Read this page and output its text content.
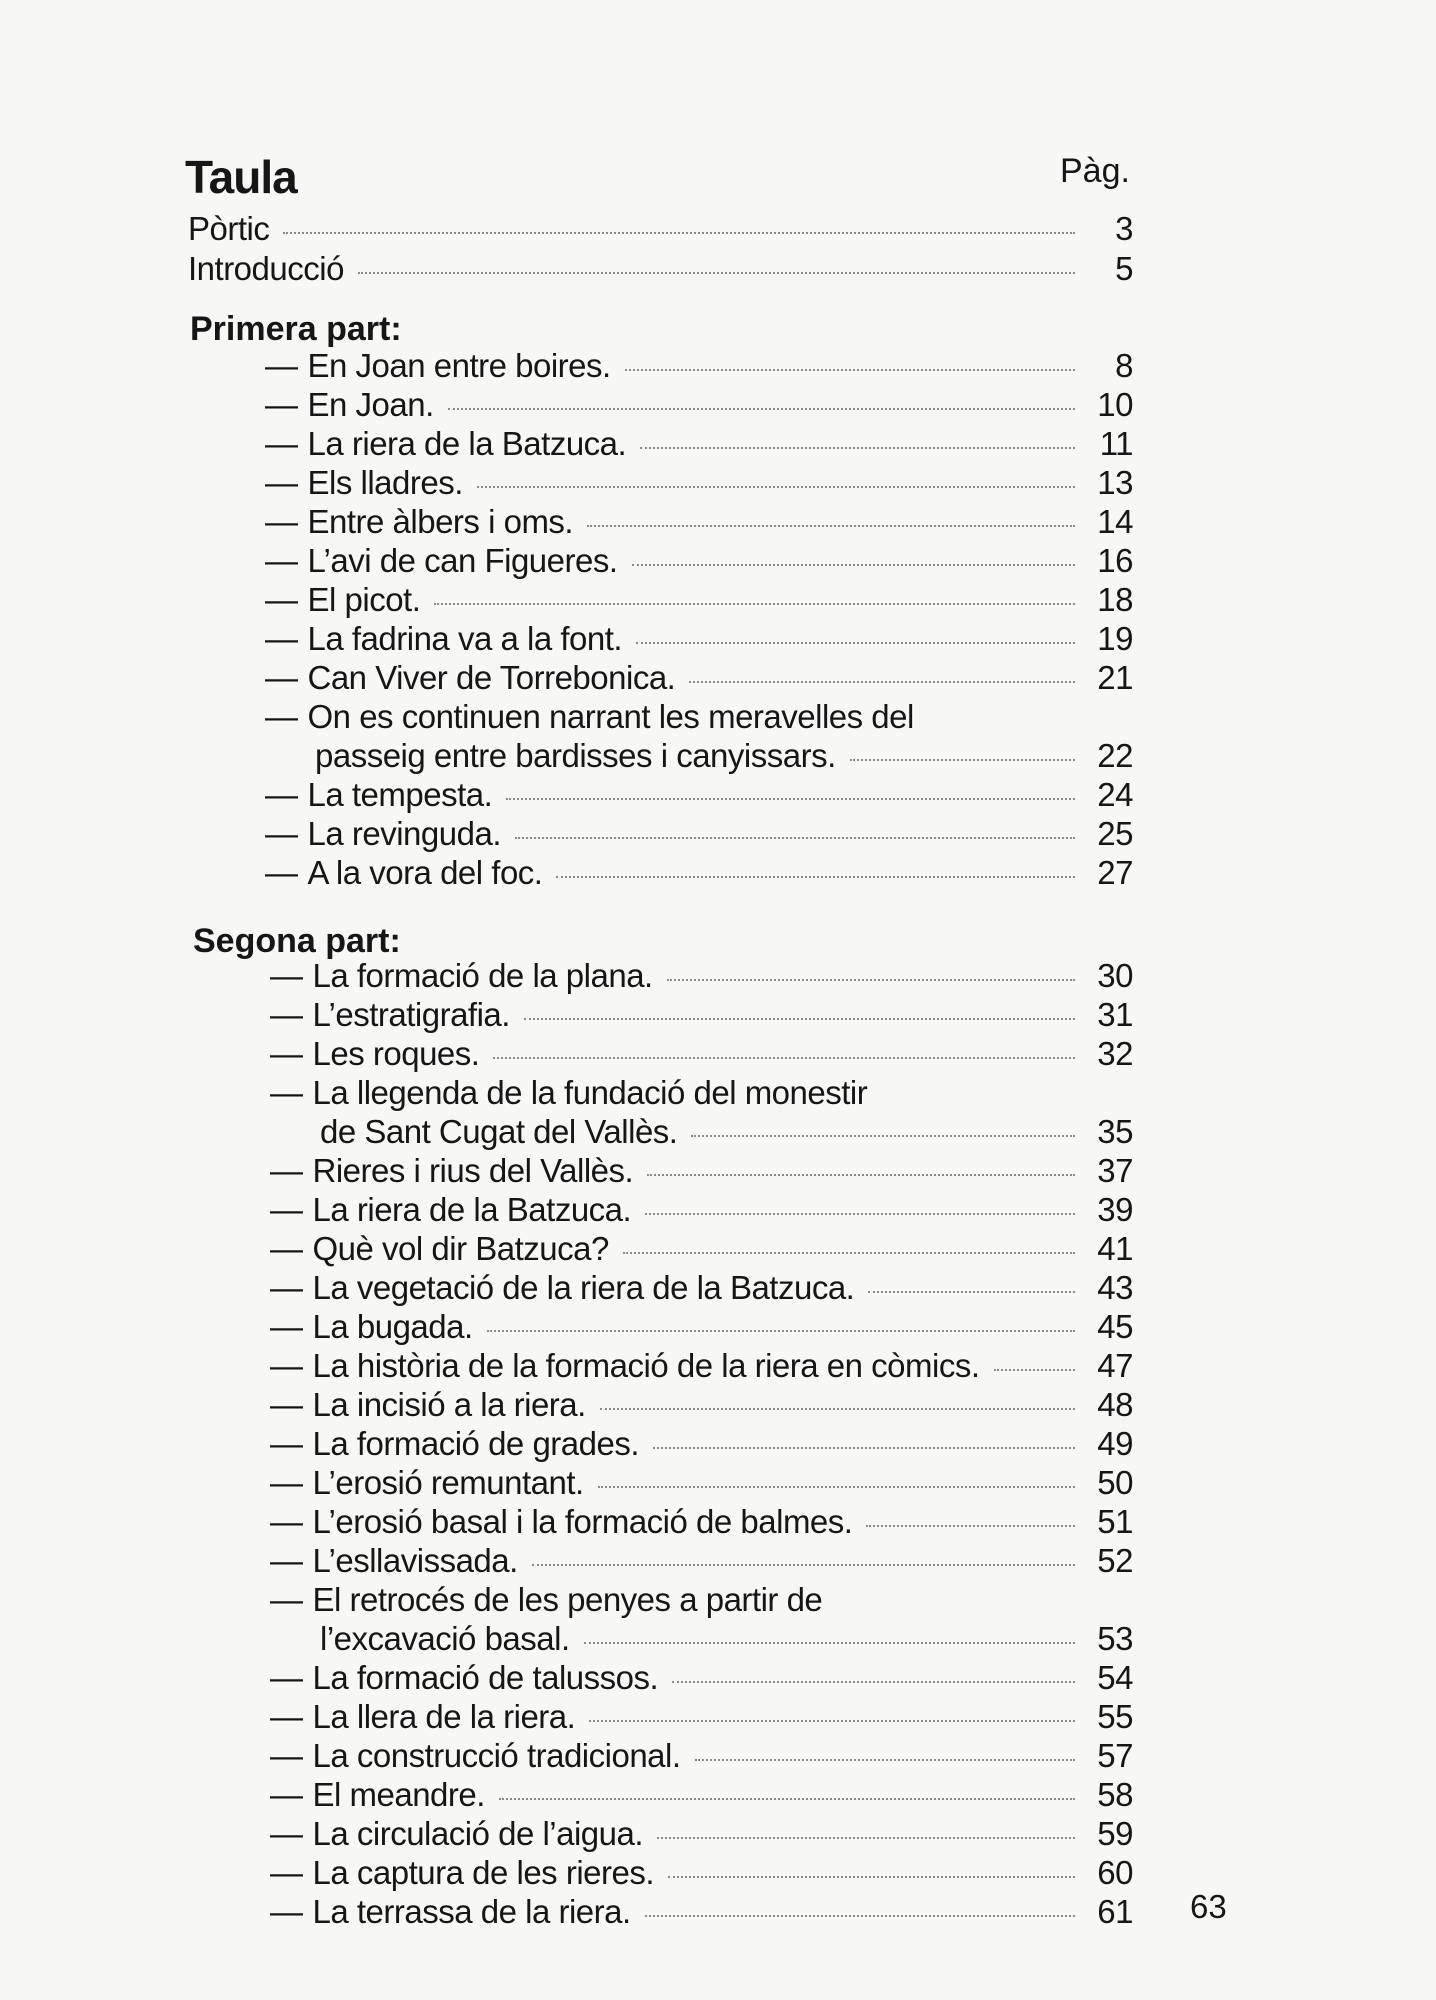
Taula	Pàg.
Pòrtic	3
Introducció	5
Primera part:
— En Joan entre boires.	8
— En Joan.	10
— La riera de la Batzuca.	11
— Els lladres.	13
— Entre àlbers i oms.	14
— L’avi de can Figueres.	16
— El picot.	18
— La fadrina va a la font.	19
— Can Viver de Torrebonica.	21
— On es continuen narrant les meravelles del
passeig entre bardisses i canyissars.	22
— La tempesta.	24
— La revinguda.	25
— A la vora del foc.	27
Segona part:
— La formació de la plana.	30
— L’estratigrafia.	31
— Les roques.	32
— La llegenda de la fundació del monestir
de Sant Cugat del Vallès.	35
— Rieres i rius del Vallès.	37
— La riera de la Batzuca.	39
— Què vol dir Batzuca?	41
— La vegetació de la riera de la Batzuca.	43
— La bugada.	45
— La història de la formació de la riera en còmics.	47
— La incisió a la riera.	48
— La formació de grades.	49
— L’erosió remuntant.	50
— L’erosió basal i la formació de balmes.	51
— L’esllavissada.	52
— El retrocés de les penyes a partir de
l’excavació basal.	53
— La formació de talussos.	54
— La llera de la riera.	55
— La construcció tradicional.	57
— El meandre.	58
— La circulació de l’aigua.	59
— La captura de les rieres.	60
— La terrassa de la riera.	61 63
